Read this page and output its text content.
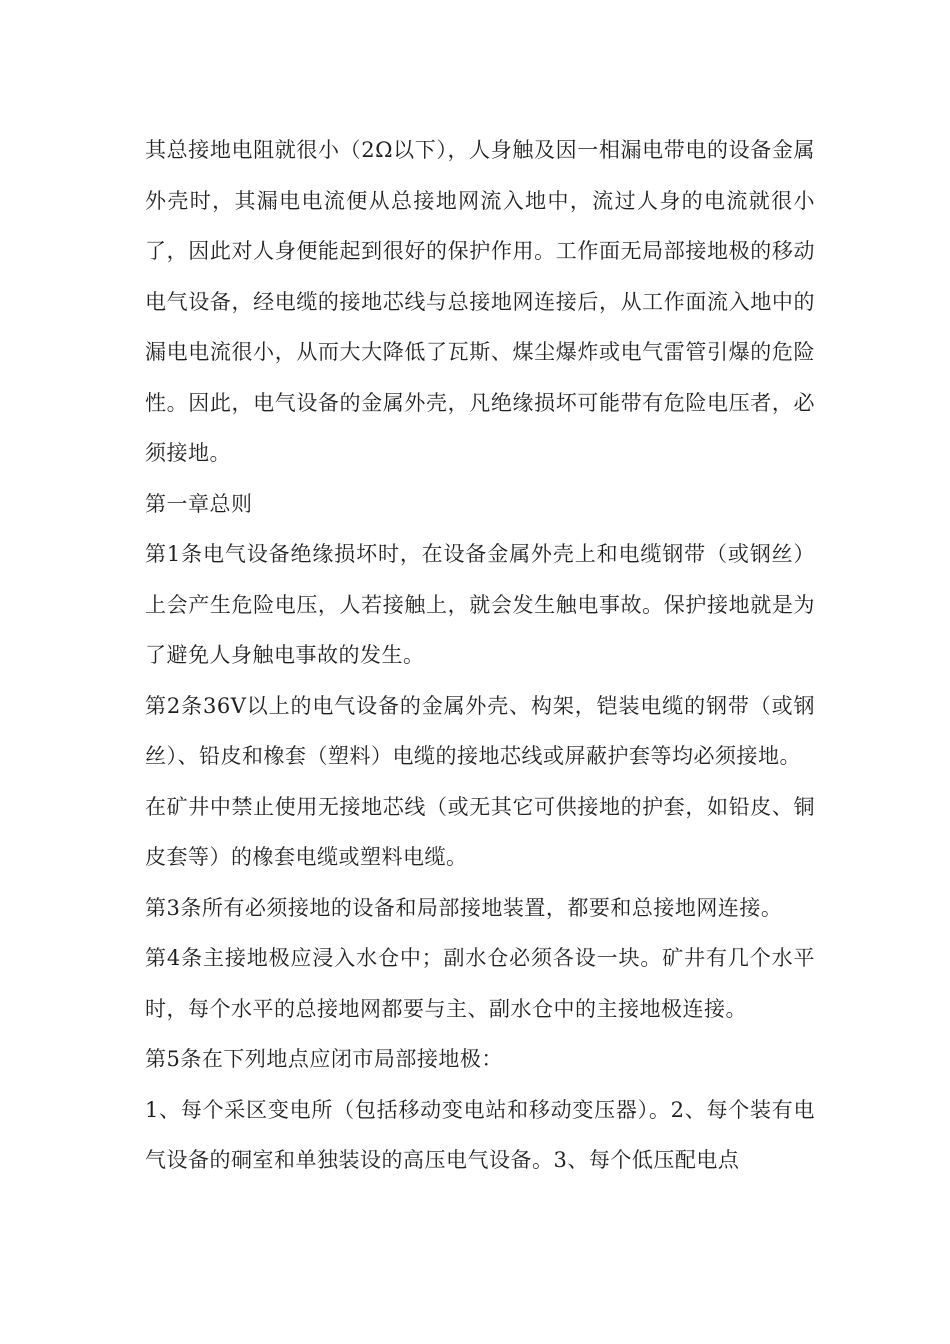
其总接地电阻就很小（2Ω以下），人身触及因一相漏电带电的设备金属外壳时，其漏电电流便从总接地网流入地中，流过人身的电流就很小了，因此对人身便能起到很好的保护作用。工作面无局部接地极的移动电气设备，经电缆的接地芯线与总接地网连接后，从工作面流入地中的漏电电流很小，从而大大降低了瓦斯、煤尘爆炸或电气雷管引爆的危险性。因此，电气设备的金属外壳，凡绝缘损坏可能带有危险电压者，必须接地。

第一章总则

第1条电气设备绝缘损坏时，在设备金属外壳上和电缆钢带（或钢丝）上会产生危险电压，人若接触上，就会发生触电事故。保护接地就是为了避免人身触电事故的发生。

第2条36V以上的电气设备的金属外壳、构架，铠装电缆的钢带（或钢丝）、铅皮和橡套（塑料）电缆的接地芯线或屏蔽护套等均必须接地。

在矿井中禁止使用无接地芯线（或无其它可供接地的护套，如铅皮、铜皮套等）的橡套电缆或塑料电缆。

第3条所有必须接地的设备和局部接地装置，都要和总接地网连接。

第4条主接地极应浸入水仓中；副水仓必须各设一块。矿井有几个水平时，每个水平的总接地网都要与主、副水仓中的主接地极连接。

第5条在下列地点应闭市局部接地极：

1、每个采区变电所（包括移动变电站和移动变压器）。2、每个装有电气设备的硐室和单独装设的高压电气设备。3、每个低压配电点
